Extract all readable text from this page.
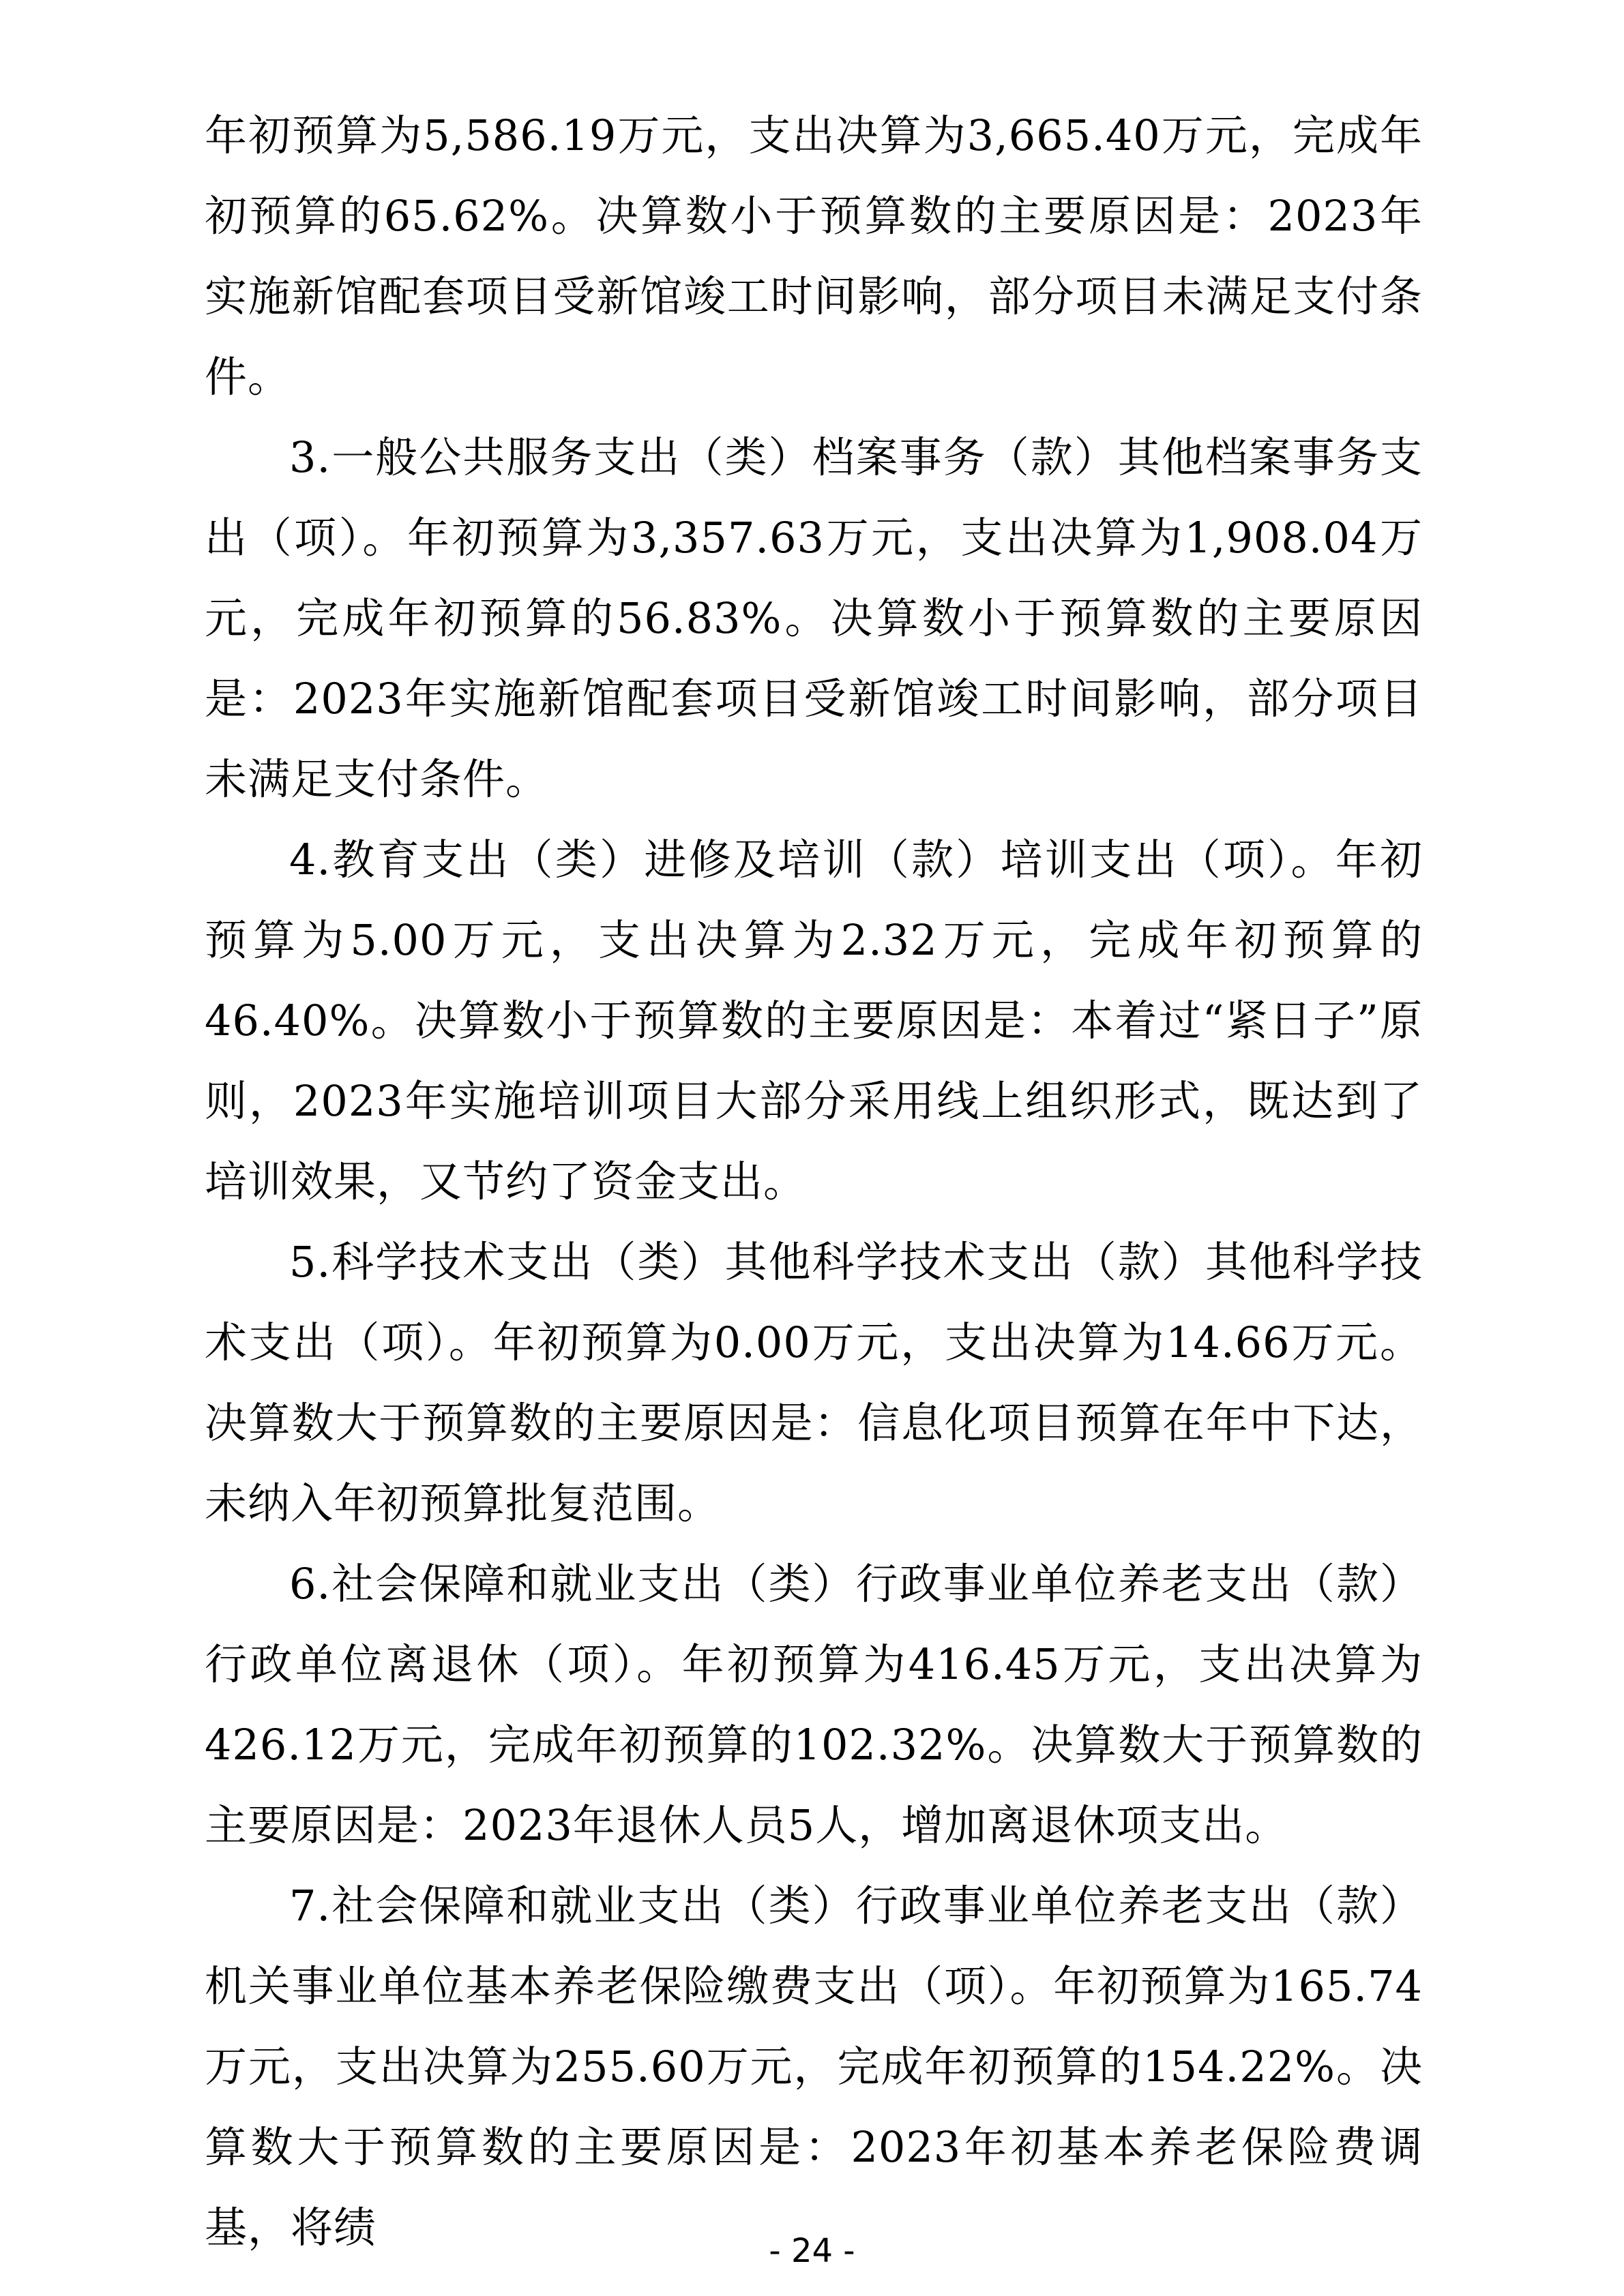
年初预算为5,586.19万元，支出决算为3,665.40万元，完成年初预算的65.62%。决算数小于预算数的主要原因是：2023年实施新馆配套项目受新馆竣工时间影响，部分项目未满足支付条件。

3.一般公共服务支出（类）档案事务（款）其他档案事务支出（项）。年初预算为3,357.63万元，支出决算为1,908.04万元，完成年初预算的56.83%。决算数小于预算数的主要原因是：2023年实施新馆配套项目受新馆竣工时间影响，部分项目未满足支付条件。

4.教育支出（类）进修及培训（款）培训支出（项）。年初预算为5.00万元，支出决算为2.32万元，完成年初预算的46.40%。决算数小于预算数的主要原因是：本着过“紧日子”原则，2023年实施培训项目大部分采用线上组织形式，既达到了培训效果，又节约了资金支出。

5.科学技术支出（类）其他科学技术支出（款）其他科学技术支出（项）。年初预算为0.00万元，支出决算为14.66万元。决算数大于预算数的主要原因是：信息化项目预算在年中下达，未纳入年初预算批复范围。

6.社会保障和就业支出（类）行政事业单位养老支出（款）行政单位离退休（项）。年初预算为416.45万元，支出决算为426.12万元，完成年初预算的102.32%。决算数大于预算数的主要原因是：2023年退休人员5人，增加离退休项支出。

7.社会保障和就业支出（类）行政事业单位养老支出（款）机关事业单位基本养老保险缴费支出（项）。年初预算为165.74万元，支出决算为255.60万元，完成年初预算的154.22%。决算数大于预算数的主要原因是：2023年初基本养老保险费调基，将绩	- 24 -
